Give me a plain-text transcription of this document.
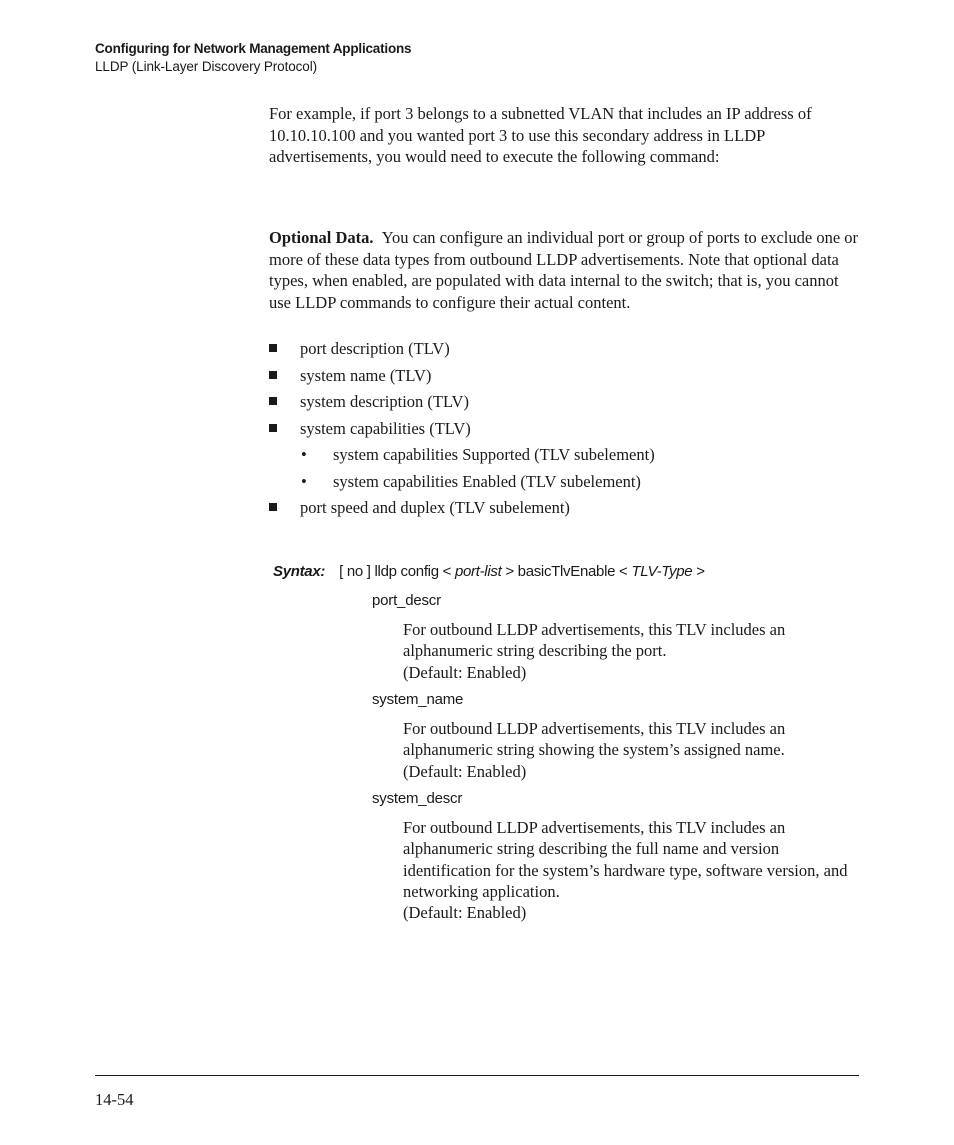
Configuring for Network Management Applications
LLDP (Link-Layer Discovery Protocol)

For example, if port 3 belongs to a subnetted VLAN that includes an IP address of 10.10.10.100 and you wanted port 3 to use this secondary address in LLDP advertisements, you would need to execute the following command:

Optional Data. You can configure an individual port or group of ports to exclude one or more of these data types from outbound LLDP advertisements. Note that optional data types, when enabled, are populated with data internal to the switch; that is, you cannot use LLDP commands to configure their actual content.

port description (TLV)
system name (TLV)
system description (TLV)
system capabilities (TLV)
• system capabilities Supported (TLV subelement)
• system capabilities Enabled (TLV subelement)
port speed and duplex (TLV subelement)
Syntax: [ no ] lldp config < port-list > basicTlvEnable < TLV-Type >
port_descr

For outbound LLDP advertisements, this TLV includes an alphanumeric string describing the port.
(Default: Enabled)

system_name

For outbound LLDP advertisements, this TLV includes an alphanumeric string showing the system’s assigned name.
(Default: Enabled)

system_descr

For outbound LLDP advertisements, this TLV includes an alphanumeric string describing the full name and version identification for the system’s hardware type, software version, and networking application.
(Default: Enabled)

14-54
